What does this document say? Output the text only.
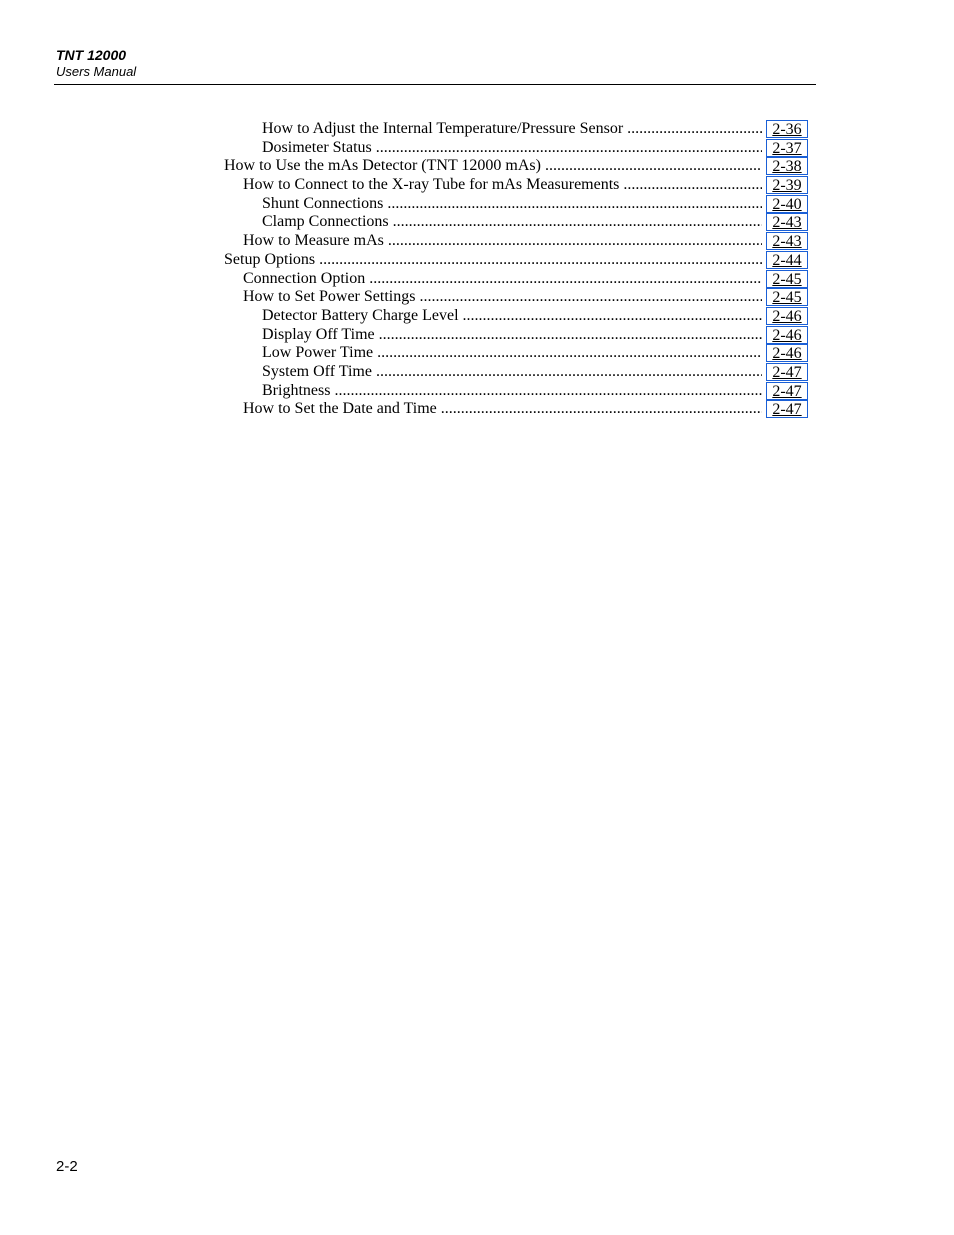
TNT 12000
Users Manual
How to Adjust the Internal Temperature/Pressure Sensor .....	2-36
Dosimeter Status .....	2-37
How to Use the mAs Detector (TNT 12000 mAs) .....	2-38
How to Connect to the X-ray Tube for mAs Measurements .....	2-39
Shunt Connections .....	2-40
Clamp Connections .....	2-43
How to Measure mAs .....	2-43
Setup Options .....	2-44
Connection Option .....	2-45
How to Set Power Settings .....	2-45
Detector Battery Charge Level .....	2-46
Display Off Time .....	2-46
Low Power Time .....	2-46
System Off Time .....	2-47
Brightness .....	2-47
How to Set the Date and Time .....	2-47
2-2
